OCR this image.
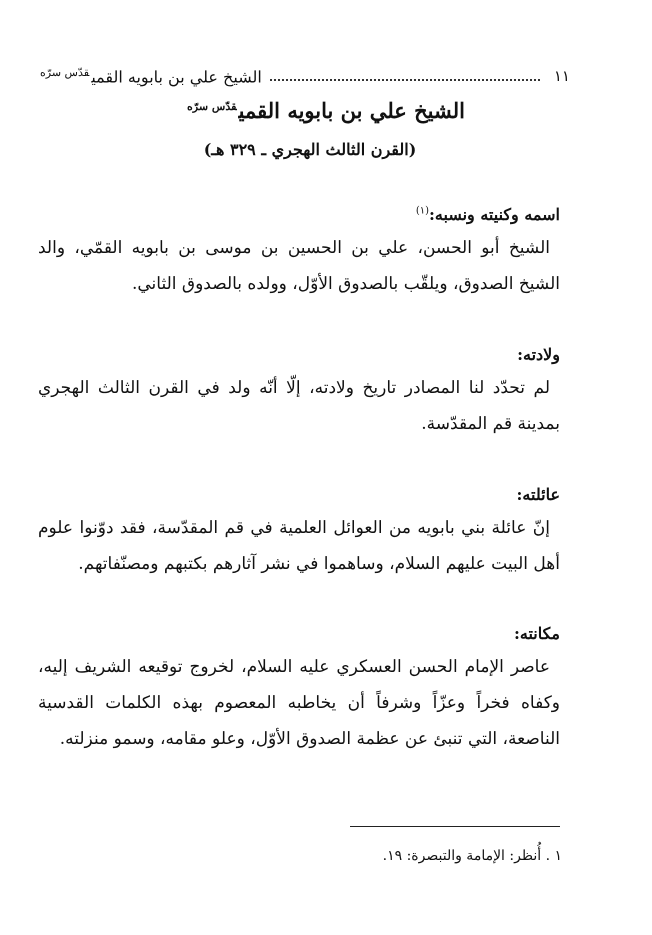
١١
الشيخ علي بن بابويه القمي$^{قدّس سرّه}$
الشيخ علي بن بابويه القمي$^{قدّس سرّه}$
(القرن الثالث الهجري ـ ٣٢٩ هـ)
اسمه وكنيته ونسبه:$^{(١)}$
الشيخ أبو الحسن، علي بن الحسين بن موسى بن بابويه القمّي، والد الشيخ الصدوق، ويلقّب بالصدوق الأوّل، وولده بالصدوق الثاني.
ولادته:
لم تحدّد لنا المصادر تاريخ ولادته، إلّا أنّه ولد في القرن الثالث الهجري بمدينة قم المقدّسة.
عائلته:
إنّ عائلة بني بابويه من العوائل العلمية في قم المقدّسة، فقد دوّنوا علوم أهل البيت عليهم السلام، وساهموا في نشر آثارهم بكتبهم ومصنّفاتهم.
مكانته:
عاصر الإمام الحسن العسكري عليه السلام، لخروج توقيعه الشريف إليه، وكفاه فخراً وعزّاً وشرفاً أن يخاطبه المعصوم بهذه الكلمات القدسية الناصعة، التي تنبئ عن عظمة الصدوق الأوّل، وعلو مقامه، وسمو منزلته.
١ . أُنظر: الإمامة والتبصرة: ١٩.
